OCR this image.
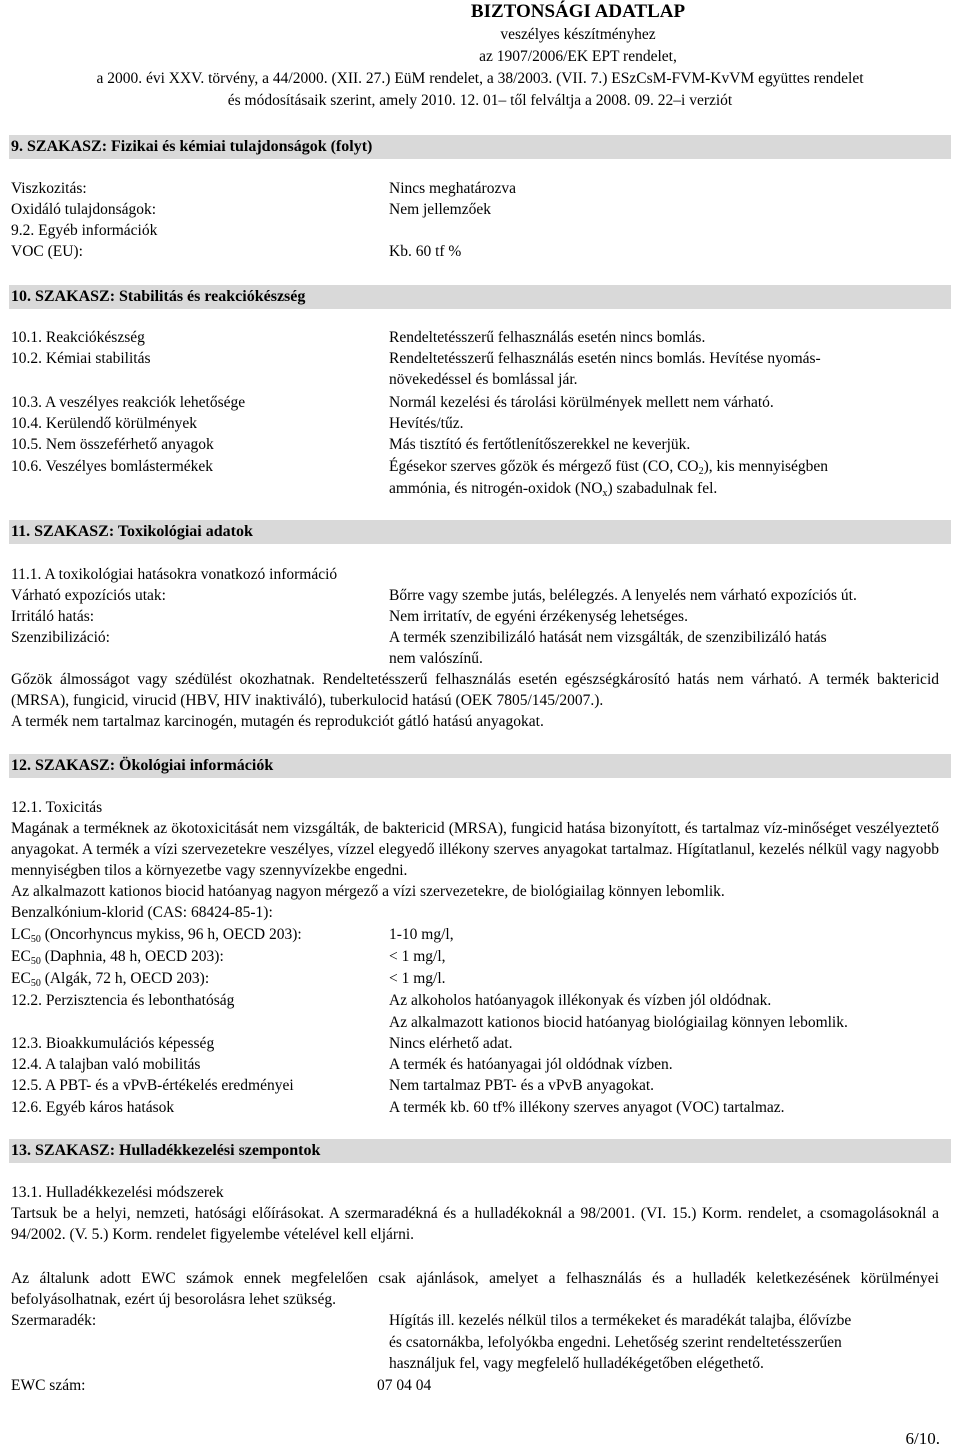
BIZTONSÁGI ADATLAP
veszélyes készítményhez
az 1907/2006/EK EPT rendelet,
a 2000. évi XXV. törvény, a 44/2000. (XII. 27.) EüM rendelet, a 38/2003. (VII. 7.) ESzCsM-FVM-KvVM együttes rendelet
és módosításaik szerint, amely 2010. 12. 01– től felváltja a 2008. 09. 22–i verziót
9. SZAKASZ: Fizikai és kémiai tulajdonságok (folyt)
Viszkozitás:	Nincs meghatározva
Oxidáló tulajdonságok:	Nem jellemzőek
9.2. Egyéb információk
VOC (EU):	Kb. 60 tf %
10. SZAKASZ: Stabilitás és reakciókészség
10.1. Reakciókészség	Rendeltetésszerű felhasználás esetén nincs bomlás.
10.2. Kémiai stabilitás	Rendeltetésszerű felhasználás esetén nincs bomlás. Hevítése nyomás-
növekedéssel és bomlással jár.
10.3. A veszélyes reakciók lehetősége	Normál kezelési és tárolási körülmények mellett nem várható.
10.4. Kerülendő körülmények	Hevítés/tűz.
10.5. Nem összeférhető anyagok	Más tisztító és fertőtlenítőszerekkel ne keverjük.
10.6. Veszélyes bomlástermékek	Égésekor szerves gőzök és mérgező füst (CO, $CO_2$), kis mennyiségben
ammónia, és nitrogén-oxidok $(NO_x)$ szabadulnak fel.
11. SZAKASZ: Toxikológiai adatok
11.1. A toxikológiai hatásokra vonatkozó információ
Várható expozíciós utak:	Bőrre vagy szembe jutás, belélegzés. A lenyelés nem várható expozíciós út.
Irritáló hatás:	Nem irritatív, de egyéni érzékenység lehetséges.
Szenzibilizáció:	A termék szenzibilizáló hatását nem vizsgálták, de szenzibilizáló hatás
nem valószínű.
Gőzök álmosságot vagy szédülést okozhatnak. Rendeltetésszerű felhasználás esetén egészségkárosító hatás nem várható. A termék baktericid (MRSA), fungicid, virucid (HBV, HIV inaktiváló), tuberkulocid hatású (OEK 7805/145/2007.).
A termék nem tartalmaz karcinogén, mutagén és reprodukciót gátló hatású anyagokat.
12. SZAKASZ: Ökológiai információk
12.1. Toxicitás
Magának a terméknek az ökotoxicitását nem vizsgálták, de baktericid (MRSA), fungicid hatása bizonyított, és tartalmaz víz-minőséget veszélyeztető anyagokat. A termék a vízi szervezetekre veszélyes, vízzel elegyedő illékony szerves anyagokat tartalmaz. Hígítatlanul, kezelés nélkül vagy nagyobb mennyiségben tilos a környezetbe vagy szennyvízekbe engedni.
Az alkalmazott kationos biocid hatóanyag nagyon mérgező a vízi szervezetekre, de biológiailag könnyen lebomlik.
Benzalkónium-klorid (CAS: 68424-85-1):
$LC_{50}$ (Oncorhyncus mykiss, 96 h, OECD 203):	1-10 mg/l,
$EC_{50}$ (Daphnia, 48 h, OECD 203):	< 1 mg/l,
$EC_{50}$ (Algák, 72 h, OECD 203):	< 1 mg/l.
12.2. Perzisztencia és lebonthatóság	Az alkoholos hatóanyagok illékonyak és vízben jól oldódnak.
Az alkalmazott kationos biocid hatóanyag biológiailag könnyen lebomlik.
12.3. Bioakkumulációs képesség	Nincs elérhető adat.
12.4. A talajban való mobilitás	A termék és hatóanyagai jól oldódnak vízben.
12.5. A PBT- és a vPvB-értékelés eredményei	Nem tartalmaz PBT- és a vPvB anyagokat.
12.6. Egyéb káros hatások	A termék kb. 60 tf% illékony szerves anyagot (VOC) tartalmaz.
13. SZAKASZ: Hulladékkezelési szempontok
13.1. Hulladékkezelési módszerek
Tartsuk be a helyi, nemzeti, hatósági előírásokat. A szermaradékná és a hulladékoknál a 98/2001. (VI. 15.) Korm. rendelet, a csomagolásoknál a 94/2002. (V. 5.) Korm. rendelet figyelembe vételével kell eljárni.
Az általunk adott EWC számok ennek megfelelően csak ajánlások, amelyet a felhasználás és a hulladék keletkezésének körülményei befolyásolhatnak, ezért új besorolásra lehet szükség.
Szermaradék:	Hígítás ill. kezelés nélkül tilos a termékeket és maradékát talajba, élővízbe
és csatornákba, lefolyókba engedni. Lehetőség szerint rendeltetésszerűen
használjuk fel, vagy megfelelő hulladékégetőben elégethető.
EWC szám:	07 04 04
6/10.
